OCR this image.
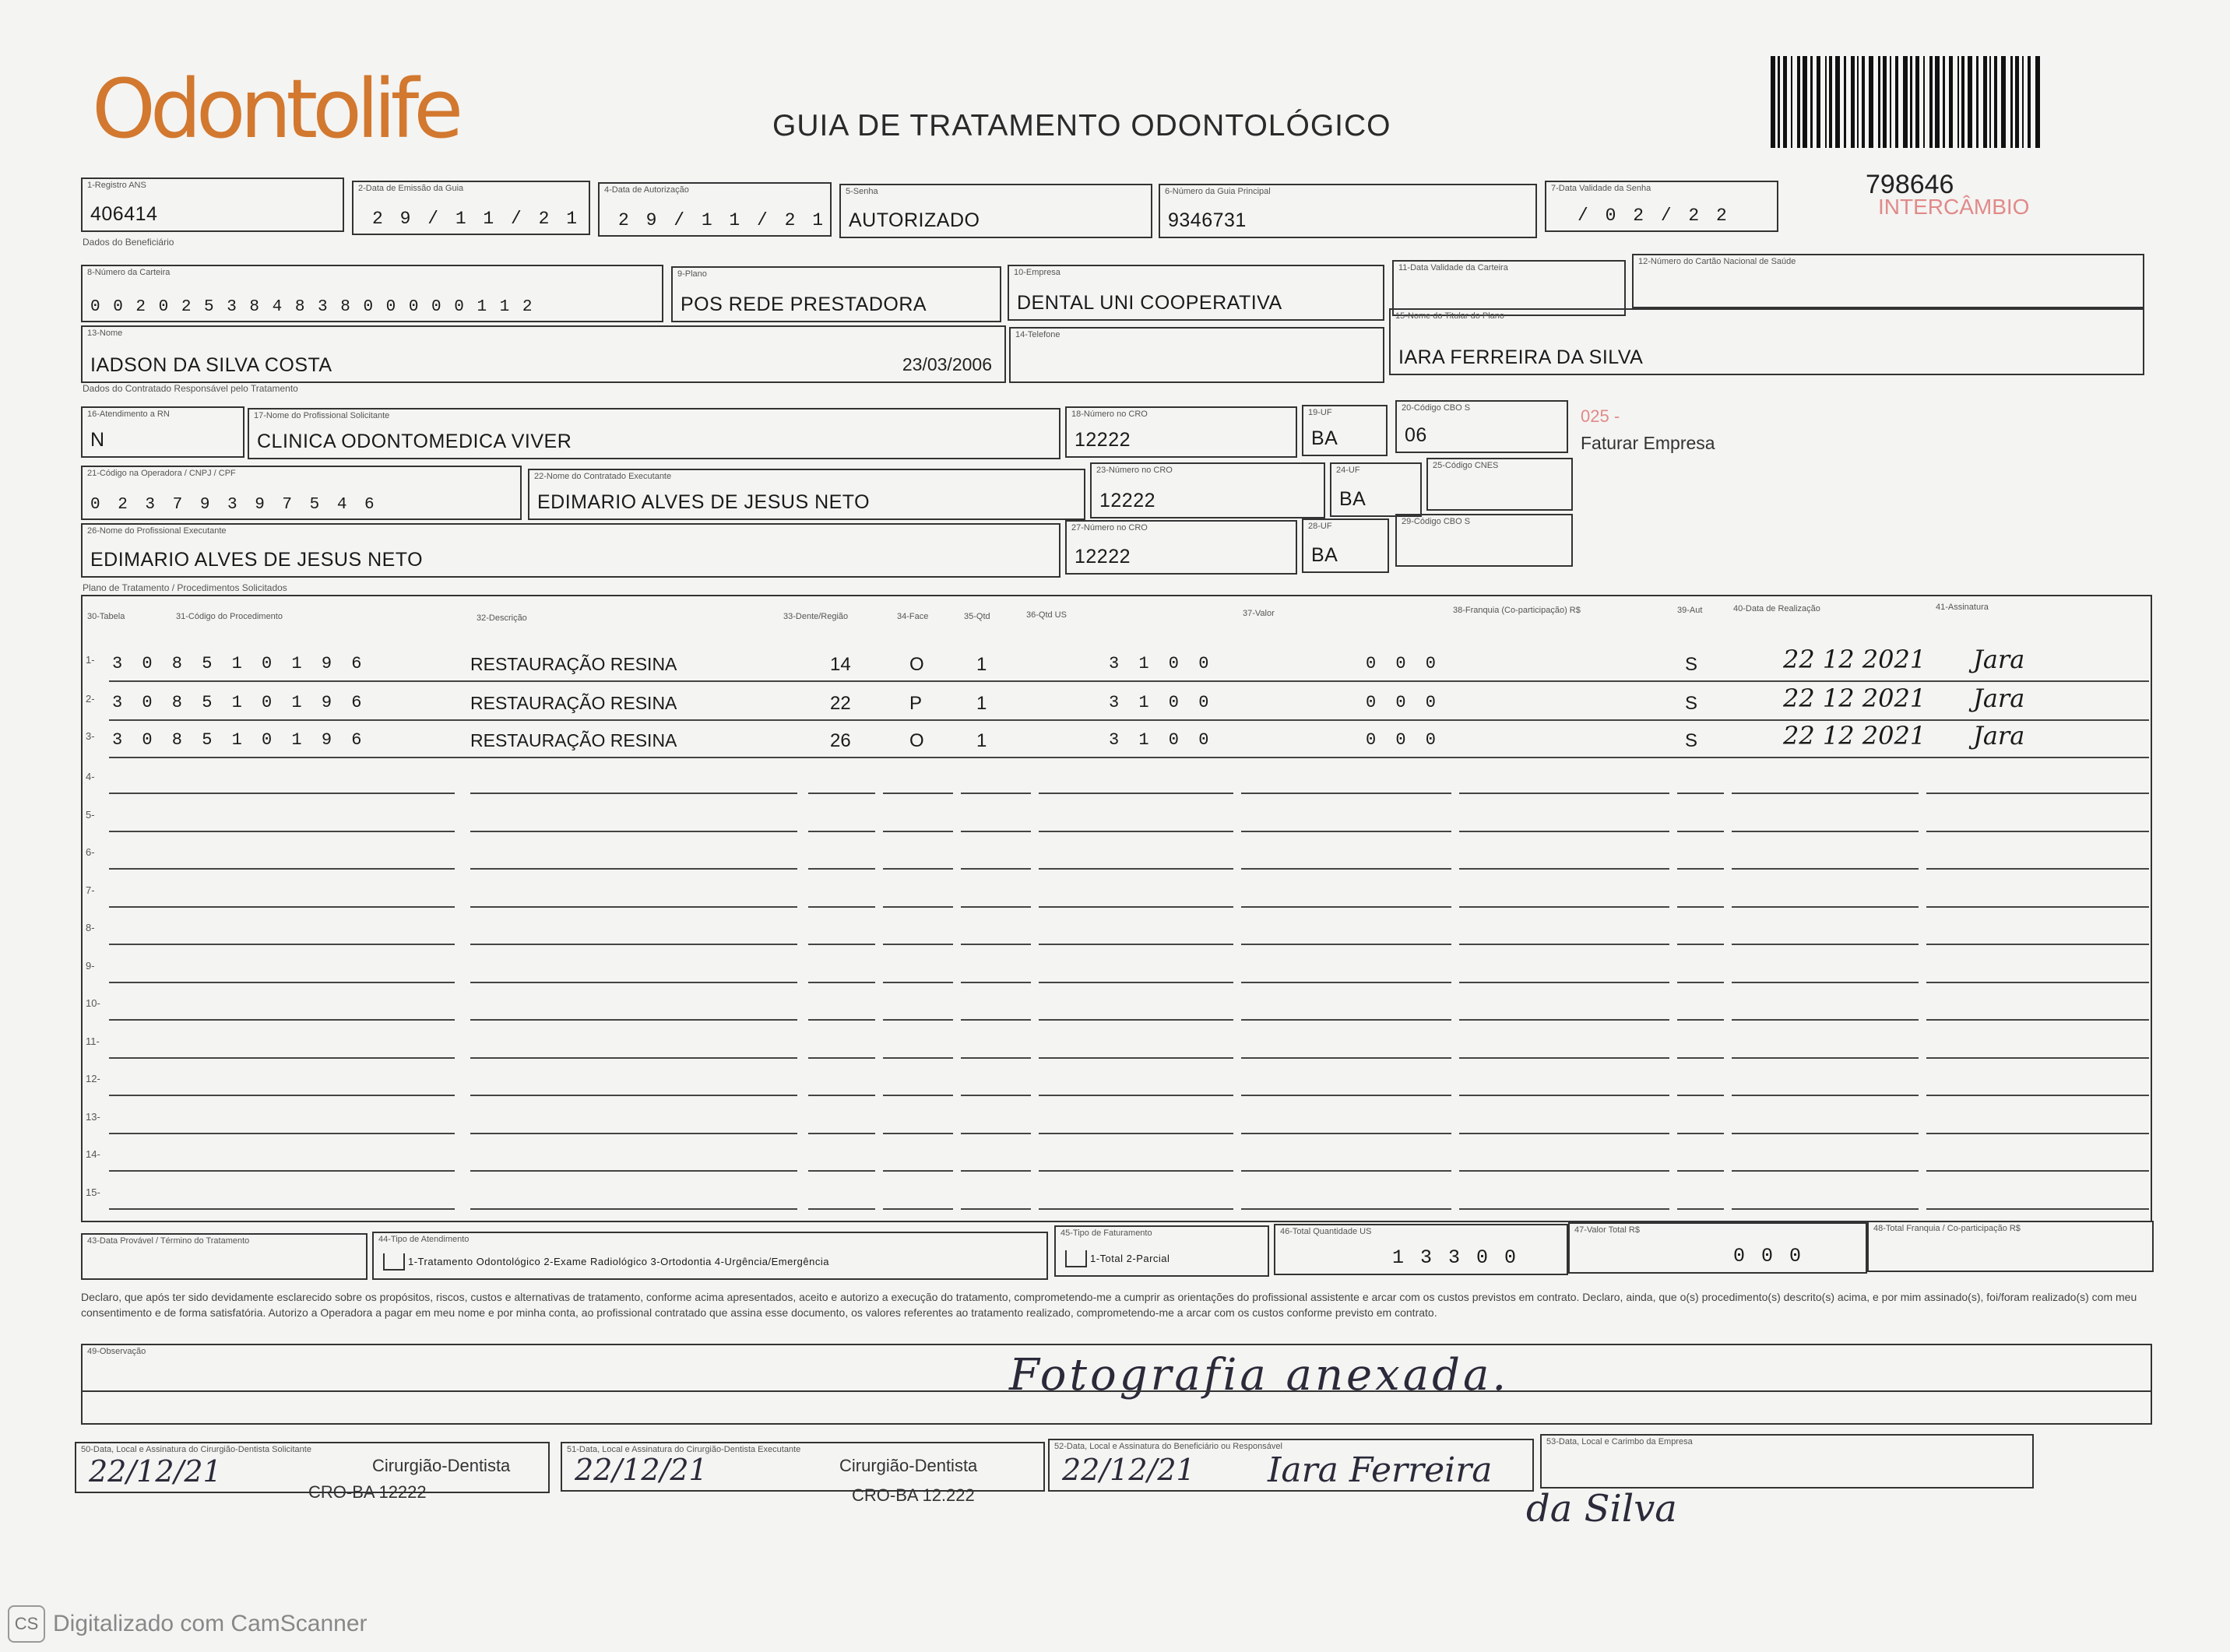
Odontolife	GUIA DE TRATAMENTO ODONTOLÓGICO
798646
INTERCÂMBIO
1-Registro ANS
406414
2-Data de Emissão da Guia
2 9 / 1 1 / 2 1
4-Data de Autorização
2 9 / 1 1 / 2 1
5-Senha
AUTORIZADO
6-Número da Guia Principal
9346731
7-Data Validade da Senha
/ 0 2 / 2 2
Dados do Beneficiário
8-Número da Carteira
0 0 2 0 2 5 3 8 4 8 3 8 0 0 0 0 0 1 1 2
9-Plano
POS REDE PRESTADORA
10-Empresa
DENTAL UNI COOPERATIVA
11-Data Validade da Carteira
12-Número do Cartão Nacional de Saúde
13-Nome
IADSON DA SILVA COSTA	23/03/2006
14-Telefone
15-Nome do Titular do Plano
IARA FERREIRA DA SILVA
Dados do Contratado Responsável pelo Tratamento
16-Atendimento a RN
N
17-Nome do Profissional Solicitante
CLINICA ODONTOMEDICA VIVER
18-Número no CRO
12222
19-UF
BA
20-Código CBO S
06
025 -
Faturar Empresa
21-Código na Operadora / CNPJ / CPF
0 2 3 7 9 3 9 7 5 4 6
22-Nome do Contratado Executante
EDIMARIO ALVES DE JESUS NETO
23-Número no CRO
12222
24-UF
BA
25-Código CNES
26-Nome do Profissional Executante
EDIMARIO ALVES DE JESUS NETO
27-Número no CRO
12222
28-UF
BA
29-Código CBO S
Plano de Tratamento / Procedimentos Solicitados
30-Tabela	31-Código do Procedimento	32-Descrição	33-Dente/Região	34-Face	35-Qtd	36-Qtd US	37-Valor	38-Franquia (Co-participação) R$	39-Aut	40-Data de Realização	41-Assinatura
1- 3 0 8 5 1 0 1 9 6	RESTAURAÇÃO RESINA	14	O	1	3 1 0 0	0 0 0	S	22 12 2021 Jara
2- 3 0 8 5 1 0 1 9 6	RESTAURAÇÃO RESINA	22	P	1	3 1 0 0	0 0 0	S	22 12 2021 Jara
3- 3 0 8 5 1 0 1 9 6	RESTAURAÇÃO RESINA	26	O	1	3 1 0 0	0 0 0	S	22 12 2021 Jara
4-
5-
6-
7-
8-
9-
10-
11-
12-
13-
14-
15-
43-Data Provável / Término do Tratamento	44-Tipo de Atendimento
1-Tratamento Odontológico 2-Exame Radiológico 3-Ortodontia 4-Urgência/Emergência
45-Tipo de Faturamento
1-Total 2-Parcial
46-Total Quantidade US
1 3 3 0 0
47-Valor Total R$
0 0 0
48-Total Franquia / Co-participação R$
Declaro, que após ter sido devidamente esclarecido sobre os propósitos, riscos, custos e alternativas de tratamento, conforme acima apresentados, aceito e autorizo a execução do tratamento, comprometendo-me a cumprir as orientações do profissional assistente e arcar com os custos previstos em contrato. Declaro, ainda, que o(s) procedimento(s) descrito(s) acima, e por mim assinado(s), foi/foram realizado(s) com meu consentimento e de forma satisfatória. Autorizo a Operadora a pagar em meu nome e por minha conta, ao profissional contratado que assina esse documento, os valores referentes ao tratamento realizado, comprometendo-me a arcar com os custos conforme previsto em contrato.
49-Observação	Fotografia anexada.
50-Data, Local e Assinatura do Cirurgião-Dentista Solicitante
22/12/21	Cirurgião-Dentista
CRO-BA 12222
51-Data, Local e Assinatura do Cirurgião-Dentista Executante
22/12/21	Cirurgião-Dentista
CRO-BA 12.222
52-Data, Local e Assinatura do Beneficiário ou Responsável
22/12/21 Iara Ferreira
da Silva
53-Data, Local e Carimbo da Empresa
CS Digitalizado com CamScanner
